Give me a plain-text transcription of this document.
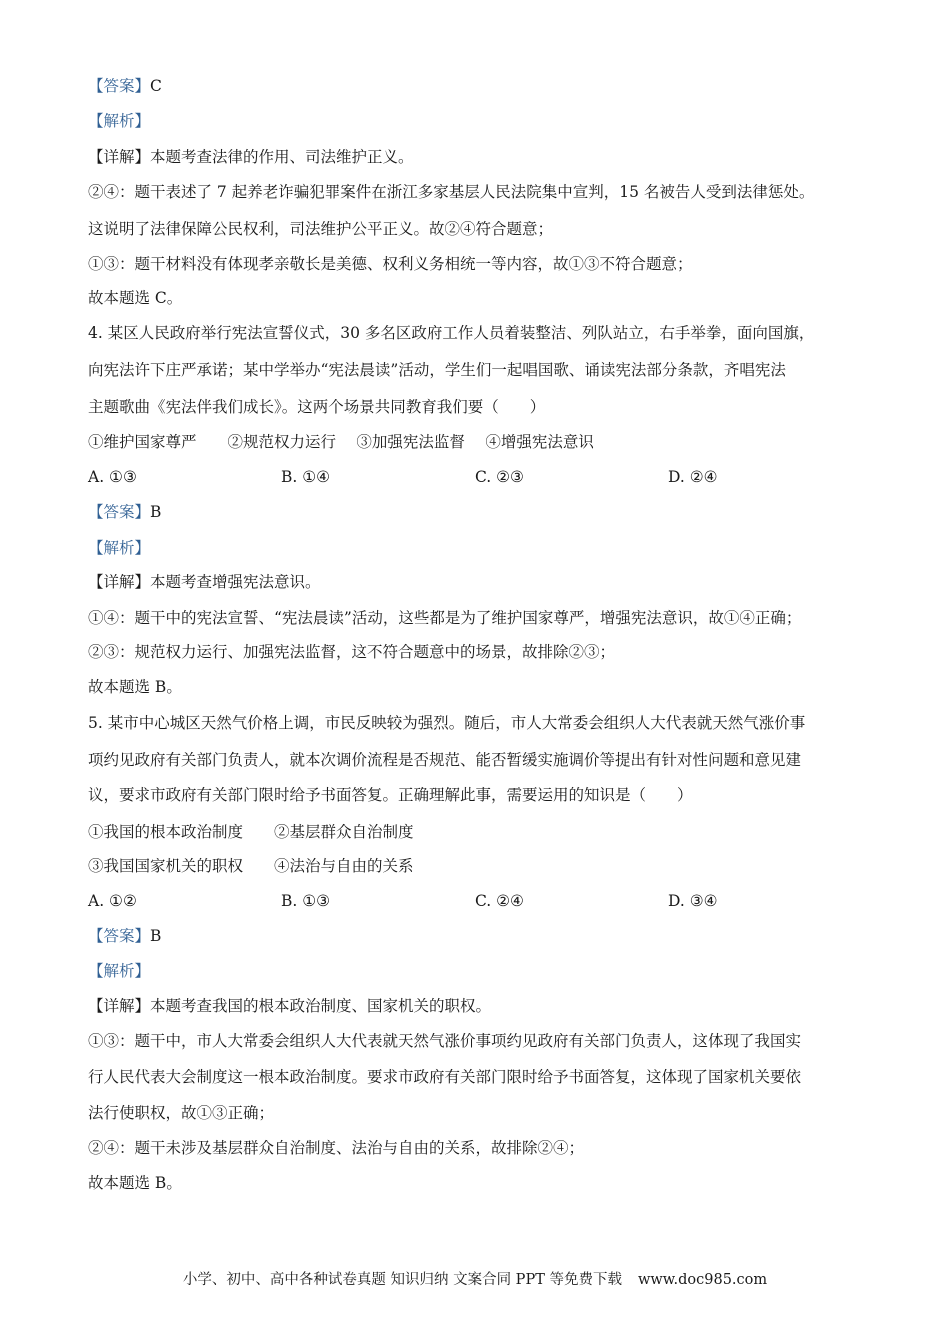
【答案】C
【解析】
【详解】本题考查法律的作用、司法维护正义。
②④：题干表述了 7 起养老诈骗犯罪案件在浙江多家基层人民法院集中宣判，15 名被告人受到法律惩处。
这说明了法律保障公民权利，司法维护公平正义。故②④符合题意；
①③：题干材料没有体现孝亲敬长是美德、权利义务相统一等内容，故①③不符合题意；
故本题选 C。
4. 某区人民政府举行宪法宣誓仪式，30 多名区政府工作人员着装整洁、列队站立，右手举拳，面向国旗，
向宪法许下庄严承诺；某中学举办“宪法晨读”活动，学生们一起唱国歌、诵读宪法部分条款，齐唱宪法
主题歌曲《宪法伴我们成长》。这两个场景共同教育我们要（　　）
①维护国家尊严　　②规范权力运行　 ③加强宪法监督　 ④增强宪法意识
A. ①③	B. ①④	C. ②③	D. ②④
【答案】B
【解析】
【详解】本题考查增强宪法意识。
①④：题干中的宪法宣誓、“宪法晨读”活动，这些都是为了维护国家尊严，增强宪法意识，故①④正确；
②③：规范权力运行、加强宪法监督，这不符合题意中的场景，故排除②③；
故本题选 B。
5. 某市中心城区天然气价格上调，市民反映较为强烈。随后，市人大常委会组织人大代表就天然气涨价事
项约见政府有关部门负责人，就本次调价流程是否规范、能否暂缓实施调价等提出有针对性问题和意见建
议，要求市政府有关部门限时给予书面答复。正确理解此事，需要运用的知识是（　　）
①我国的根本政治制度　　②基层群众自治制度
③我国国家机关的职权　　④法治与自由的关系
A. ①②	B. ①③	C. ②④	D. ③④
【答案】B
【解析】
【详解】本题考查我国的根本政治制度、国家机关的职权。
①③：题干中，市人大常委会组织人大代表就天然气涨价事项约见政府有关部门负责人，这体现了我国实
行人民代表大会制度这一根本政治制度。要求市政府有关部门限时给予书面答复，这体现了国家机关要依
法行使职权，故①③正确；
②④：题干未涉及基层群众自治制度、法治与自由的关系，故排除②④；
故本题选 B。
小学、初中、高中各种试卷真题 知识归纳 文案合同 PPT 等免费下载 www.doc985.com
